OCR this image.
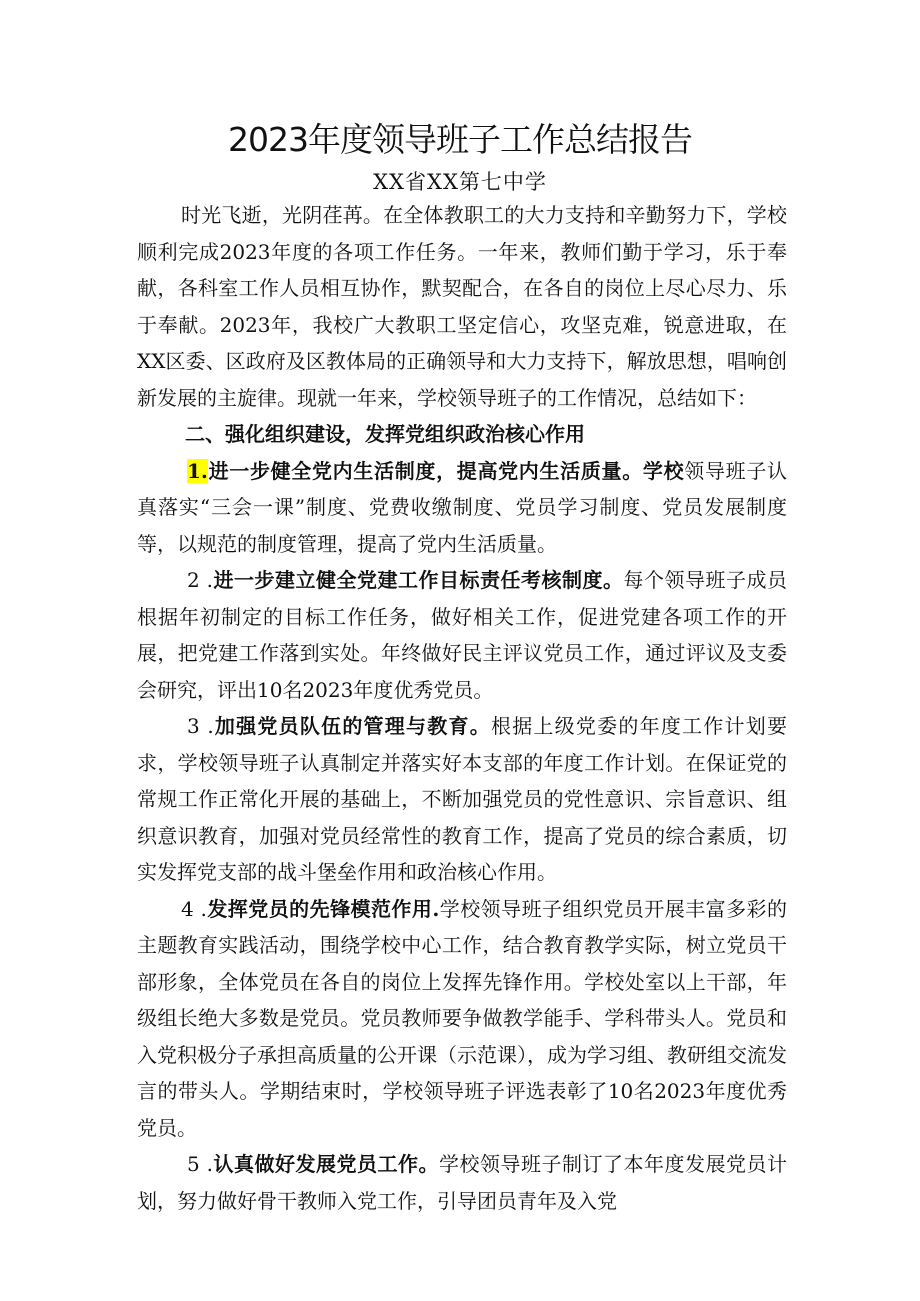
2023年度领导班子工作总结报告
XX省XX第七中学

时光飞逝，光阴荏苒。在全体教职工的大力支持和辛勤努力下，学校顺利完成2023年度的各项工作任务。一年来，教师们勤于学习，乐于奉献，各科室工作人员相互协作，默契配合，在各自的岗位上尽心尽力、乐于奉献。2023年，我校广大教职工坚定信心，攻坚克难，锐意进取，在XX区委、区政府及区教体局的正确领导和大力支持下，解放思想，唱响创新发展的主旋律。现就一年来，学校领导班子的工作情况，总结如下：

二、强化组织建设，发挥党组织政治核心作用

1.进一步健全党内生活制度，提高党内生活质量。学校领导班子认真落实“三会一课”制度、党费收缴制度、党员学习制度、党员发展制度等，以规范的制度管理，提高了党内生活质量。

2 .进一步建立健全党建工作目标责任考核制度。每个领导班子成员根据年初制定的目标工作任务，做好相关工作，促进党建各项工作的开展，把党建工作落到实处。年终做好民主评议党员工作，通过评议及支委会研究，评出10名2023年度优秀党员。

3 .加强党员队伍的管理与教育。根据上级党委的年度工作计划要求，学校领导班子认真制定并落实好本支部的年度工作计划。在保证党的常规工作正常化开展的基础上，不断加强党员的党性意识、宗旨意识、组织意识教育，加强对党员经常性的教育工作，提高了党员的综合素质，切实发挥党支部的战斗堡垒作用和政治核心作用。

4 .发挥党员的先锋模范作用.学校领导班子组织党员开展丰富多彩的主题教育实践活动，围绕学校中心工作，结合教育教学实际，树立党员干部形象，全体党员在各自的岗位上发挥先锋作用。学校处室以上干部，年级组长绝大多数是党员。党员教师要争做教学能手、学科带头人。党员和入党积极分子承担高质量的公开课（示范课），成为学习组、教研组交流发言的带头人。学期结束时，学校领导班子评选表彰了10名2023年度优秀党员。

5 .认真做好发展党员工作。学校领导班子制订了本年度发展党员计划，努力做好骨干教师入党工作，引导团员青年及入党
